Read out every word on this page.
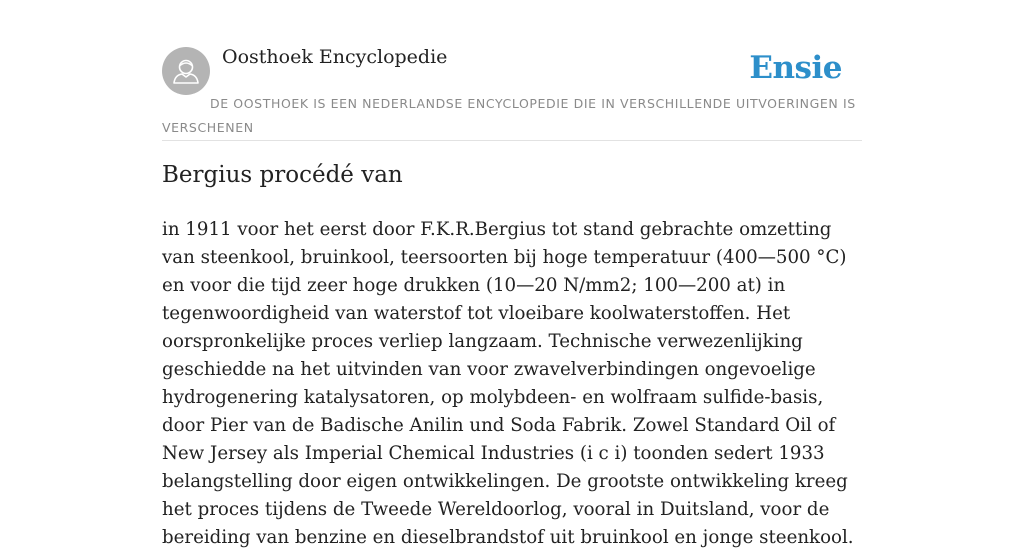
Oosthoek Encyclopedie	Ensie
DE OOSTHOEK IS EEN NEDERLANDSE ENCYCLOPEDIE DIE IN VERSCHILLENDE UITVOERINGEN IS VERSCHENEN
Bergius procédé van

in 1911 voor het eerst door F.K.R.Bergius tot stand gebrachte omzetting van steenkool, bruinkool, teersoorten bij hoge temperatuur (400—500 °C) en voor die tijd zeer hoge drukken (10—20 N/mm2; 100—200 at) in tegenwoordigheid van waterstof tot vloeibare koolwaterstoffen. Het oorspronkelijke proces verliep langzaam. Technische verwezenlijking geschiedde na het uitvinden van voor zwavelverbindingen ongevoelige hydrogenering katalysatoren, op molybdeen- en wolfraam sulfide-basis, door Pier van de Badische Anilin und Soda Fabrik. Zowel Standard Oil of New Jersey als Imperial Chemical Industries (i c i) toonden sedert 1933 belangstelling door eigen ontwikkelingen. De grootste ontwikkeling kreeg het proces tijdens de Tweede Wereldoorlog, vooral in Duitsland, voor de bereiding van benzine en dieselbrandstof uit bruinkool en jonge steenkool.
